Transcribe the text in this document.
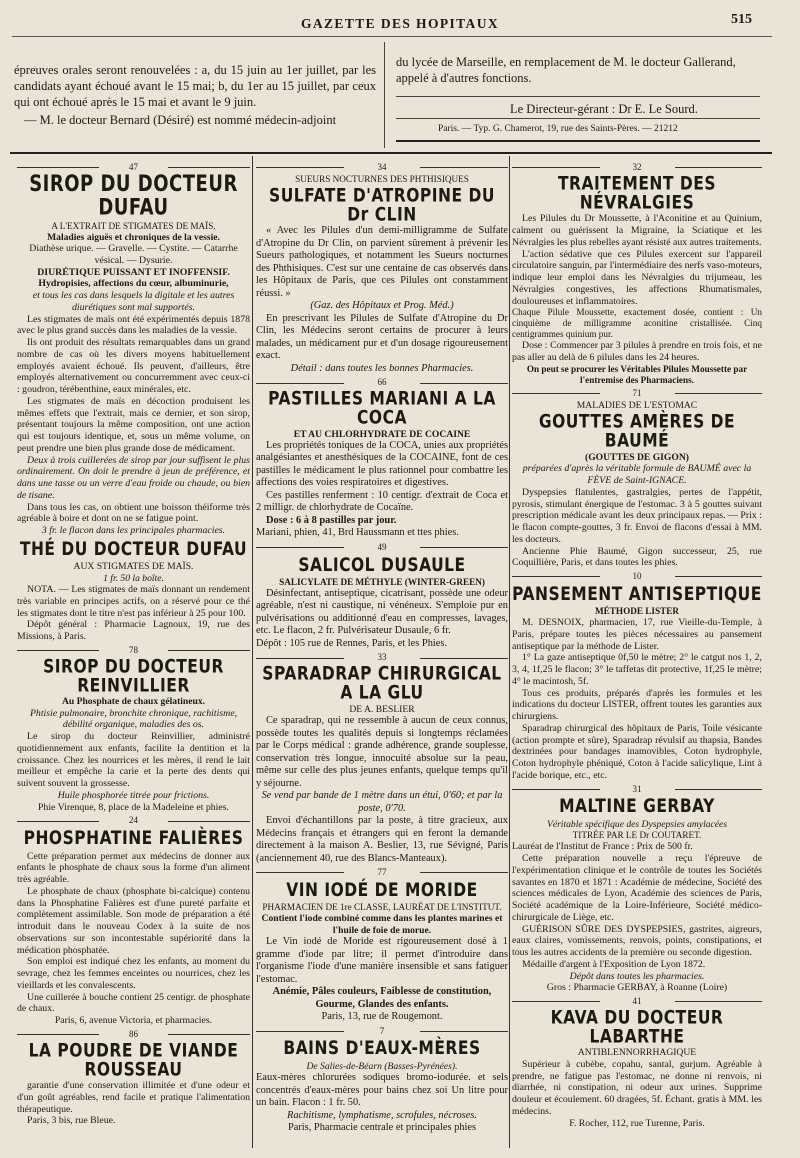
GAZETTE DES HOPITAUX	515

épreuves orales seront renouvelées : a, du 15 juin au 1er juillet, par les candidats ayant échoué avant le 15 mai; b, du 1er au 15 juillet, par ceux qui ont échoué après le 15 mai et avant le 9 juin.

— M. le docteur Bernard (Désiré) est nommé médecin-adjoint

du lycée de Marseille, en remplacement de M. le docteur Gallerand, appelé à d'autres fonctions.
Le Directeur-gérant : Dr E. Le Sourd.
Paris. — Typ. G. Chamerot, 19, rue des Saints-Pères. — 21212
47
SIROP DU DOCTEUR DUFAU
A L'EXTRAIT DE STIGMATES DE MAÏS.
Maladies aiguës et chroniques de la vessie.

Diathèse urique. — Gravelle. — Cystite. — Catarrhe vésical. — Dysurie.

DIURÉTIQUE PUISSANT ET INOFFENSIF.

Hydropisies, affections du cœur, albuminurie,

et tous les cas dans lesquels la digitale et les autres diurétiques sont mal supportés.

Les stigmates de maïs ont été expérimentés depuis 1878 avec le plus grand succès dans les maladies de la vessie.

Ils ont produit des résultats remarquables dans un grand nombre de cas où les divers moyens habituellement employés avaient échoué. Ils peuvent, d'ailleurs, être employés alternativement ou concurremment avec ceux-ci : goudron, térébenthine, eaux minérales, etc.

Les stigmates de maïs en décoction produisent les mêmes effets que l'extrait, mais ce dernier, et son sirop, présentant toujours la même composition, ont une action qui est toujours identique, et, sous un même volume, on peut prendre une bien plus grande dose de médicament.

Deux à trois cuillerées de sirop par jour suffisent le plus ordinairement. On doit le prendre à jeun de préférence, et dans une tasse ou un verre d'eau froide ou chaude, ou bien de tisane.

Dans tous les cas, on obtient une boisson théiforme très agréable à boire et dont on ne se fatigue point.

3 fr. le flacon dans les principales pharmacies.

THÉ DU DOCTEUR DUFAU
AUX STIGMATES DE MAÏS.
1 fr. 50 la boîte.

NOTA. — Les stigmates de maïs donnant un rendement très variable en principes actifs, on a réservé pour ce thé les stigmates dont le titre n'est pas inférieur à 25 pour 100.

Dépôt général : Pharmacie Lagnoux, 19, rue des Missions, à Paris.

78
SIROP DU DOCTEUR REINVILLIER
Au Phosphate de chaux gélatineux.

Phtisie pulmonaire, bronchite chronique, rachitisme, débilité organique, maladies des os.

Le sirop du docteur Reinvillier, administré quotidiennement aux enfants, facilite la dentition et la croissance. Chez les nourrices et les mères, il rend le lait meilleur et empêche la carie et la perte des dents qui suivent souvent la grossesse.

Huile phosphorée titrée pour frictions.

Phie Virenque, 8, place de la Madeleine et phies.

24
PHOSPHATINE FALIÈRES

Cette préparation permet aux médecins de donner aux enfants le phosphate de chaux sous la forme d'un aliment très agréable.

Le phosphate de chaux (phosphate bi-calcique) contenu dans la Phosphatine Falières est d'une pureté parfaite et complètement assimilable. Son mode de préparation a été introduit dans le nouveau Codex à la suite de nos observations sur son incontestable supériorité dans la médication phosphatée.

Son emploi est indiqué chez les enfants, au moment du sevrage, chez les femmes enceintes ou nourrices, chez les vieillards et les convalescents.

Une cuillerée à bouche contient 25 centigr. de phosphate de chaux.

Paris, 6, avenue Victoria, et pharmacies.

86
LA POUDRE DE VIANDE ROUSSEAU

garantie d'une conservation illimitée et d'une odeur et d'un goût agréables, rend facile et pratique l'alimentation thérapeutique.

Paris, 3 bis, rue Bleue.

34
SUEURS NOCTURNES DES PHTHISIQUES
SULFATE D'ATROPINE DU Dr CLIN

« Avec les Pilules d'un demi-milligramme de Sulfate d'Atropine du Dr Clin, on parvient sûrement à prévenir les Sueurs pathologiques, et notamment les Sueurs nocturnes des Phthisiques. C'est sur une centaine de cas observés dans les Hôpitaux de Paris, que ces Pilules ont constamment réussi. »

(Gaz. des Hôpitaux et Prog. Méd.)

En prescrivant les Pilules de Sulfate d'Atropine du Dr Clin, les Médecins seront certains de procurer à leurs malades, un médicament pur et d'un dosage rigoureusement exact.

Détail : dans toutes les bonnes Pharmacies.

66
PASTILLES MARIANI A LA COCA
ET AU CHLORHYDRATE DE COCAINE

Les propriétés toniques de la COCA, unies aux propriétés analgésiantes et anesthésiques de la COCAINE, font de ces pastilles le médicament le plus rationnel pour combattre les affections des voies respiratoires et digestives.

Ces pastilles renferment : 10 centigr. d'extrait de Coca et 2 milligr. de chlorhydrate de Cocaïne.

Dose : 6 à 8 pastilles par jour.

Mariani, phien, 41, Brd Haussmann et ttes phies.

49
SALICOL DUSAULE
SALICYLATE DE MÉTHYLE (WINTER-GREEN)

Désinfectant, antiseptique, cicatrisant, possède une odeur agréable, n'est ni caustique, ni vénéneux. S'emploie pur en pulvérisations ou additionné d'eau en compresses, lavages, etc. Le flacon, 2 fr. Pulvérisateur Dusaule, 6 fr.

Dépôt : 105 rue de Rennes, Paris, et les Phies.

33
SPARADRAP CHIRURGICAL A LA GLU
DE A. BESLIER

Ce sparadrap, qui ne ressemble à aucun de ceux connus, possède toutes les qualités depuis si longtemps réclamées par le Corps médical : grande adhérence, grande souplesse, conservation très longue, innocuité absolue sur la peau, même sur celle des plus jeunes enfants, quelque temps qu'il y séjourne.

Se vend par bande de 1 mètre dans un étui, 0'60; et par la poste, 0'70.

Envoi d'échantillons par la poste, à titre gracieux, aux Médecins français et étrangers qui en feront la demande directement à la maison A. Beslier, 13, rue Sévigné, Paris (anciennement 40, rue des Blancs-Manteaux).

77
VIN IODÉ DE MORIDE
PHARMACIEN DE 1re CLASSE, LAURÉAT DE L'INSTITUT.
Contient l'iode combiné comme dans les plantes marines et l'huile de foie de morue.

Le Vin iodé de Moride est rigoureusement dosé à 1 gramme d'iode par litre; il permet d'introduire dans l'organisme l'iode d'une manière insensible et sans fatiguer l'estomac.

Anémie, Pâles couleurs, Faiblesse de constitution, Gourme, Glandes des enfants.

Paris, 13, rue de Rougemont.

7
BAINS D'EAUX-MÈRES
De Salies-de-Béarn (Basses-Pyrénées).

Eaux-mères chlorurées sodiques bromo-iodurée. et sels concentrés d'eaux-mères pour bains chez soi Un litre pour un bain. Flacon : 1 fr. 50.

Rachitisme, lymphatisme, scrofules, nécroses.

Paris, Pharmacie centrale et principales phies

32
TRAITEMENT DES NÉVRALGIES

Les Pilules du Dr Moussette, à l'Aconitine et au Quinium, calment ou guérissent la Migraine, la Sciatique et les Névralgies les plus rebelles ayant résisté aux autres traitements.

L'action sédative que ces Pilules exercent sur l'appareil circulatoire sanguin, par l'intermédiaire des nerfs vaso-moteurs, indique leur emploi dans les Névralgies du trijumeau, les Névralgies congestives, les affections Rhumatismales, douloureuses et inflammatoires.

Chaque Pilule Moussette, exactement dosée, contient : Un cinquième de milligramme aconitine cristallisée. Cinq centigrammes quinium pur.

Dose : Commencer par 3 pilules à prendre en trois fois, et ne pas aller au delà de 6 pilules dans les 24 heures.

On peut se procurer les Véritables Pilules Moussette par l'entremise des Pharmaciens.

71
MALADIES DE L'ESTOMAC
GOUTTES AMÈRES DE BAUMÉ
(GOUTTES DE GIGON)

préparées d'après la véritable formule de BAUMÉ avec la FÈVE de Saint-IGNACE.

Dyspepsies flatulentes, gastralgies, pertes de l'appétit, pyrosis, stimulant énergique de l'estomac. 3 à 5 gouttes suivant prescription médicale avant les deux principaux repas. — Prix : le flacon compte-gouttes, 3 fr. Envoi de flacons d'essai à MM. les docteurs.

Ancienne Phie Baumé, Gigon successeur, 25, rue Coquillière, Paris, et dans toutes les phies.

10
PANSEMENT ANTISEPTIQUE
MÉTHODE LISTER

M. DESNOIX, pharmacien, 17, rue Vieille-du-Temple, à Paris, prépare toutes les pièces nécessaires au pansement antiseptique par la méthode de Lister.

1° La gaze antiseptique 0f,50 le mètre; 2° le catgut nos 1, 2, 3, 4, 1f,25 le flacon; 3° le taffetas dit protective, 1f,25 le mètre; 4° le macintosh, 5f.

Tous ces produits, préparés d'après les formules et les indications du docteur LISTER, offrent toutes les garanties aux chirurgiens.

Sparadrap chirurgical des hôpitaux de Paris, Toile vésicante (action prompte et sûre), Sparadrap révulsif au thapsia, Bandes dextrinées pour bandages inamovibles, Coton hydrophyle, Coton hydrophyle phéniqué, Coton à l'acide salicylique, Lint à l'acide borique, etc., etc.

31
MALTINE GERBAY
Véritable spécifique des Dyspepsies amylacées
TITRÉE PAR LE Dr COUTARET.

Lauréat de l'Institut de France : Prix de 500 fr.

Cette préparation nouvelle a reçu l'épreuve de l'expérimentation clinique et le contrôle de toutes les Sociétés savantes en 1870 et 1871 : Académie de médecine, Société des sciences médicales de Lyon, Académie des sciences de Paris, Société académique de la Loire-Inférieure, Société médico-chirurgicale de Liège, etc.

GUÉRISON SÛRE DES DYSPEPSIES, gastrites, aigreurs, eaux claires, vomissements, renvois, points, constipations, et tous les autres accidents de la première ou seconde digestion.

Médaille d'argent à l'Exposition de Lyon 1872.

Dépôt dans toutes les pharmacies.

Gros : Pharmacie GERBAY, à Roanne (Loire)

41
KAVA DU DOCTEUR LABARTHE
ANTIBLENNORRHAGIQUE

Supérieur à cubèbe, copahu, santal, gurjum. Agréable à prendre, ne fatigue pas l'estomac, ne donne ni renvois, ni diarrhée, ni constipation, ni odeur aux urines. Supprime douleur et écoulement. 60 dragées, 5f. Échant. gratis à MM. les médecins.

F. Rocher, 112, rue Turenne, Paris.
